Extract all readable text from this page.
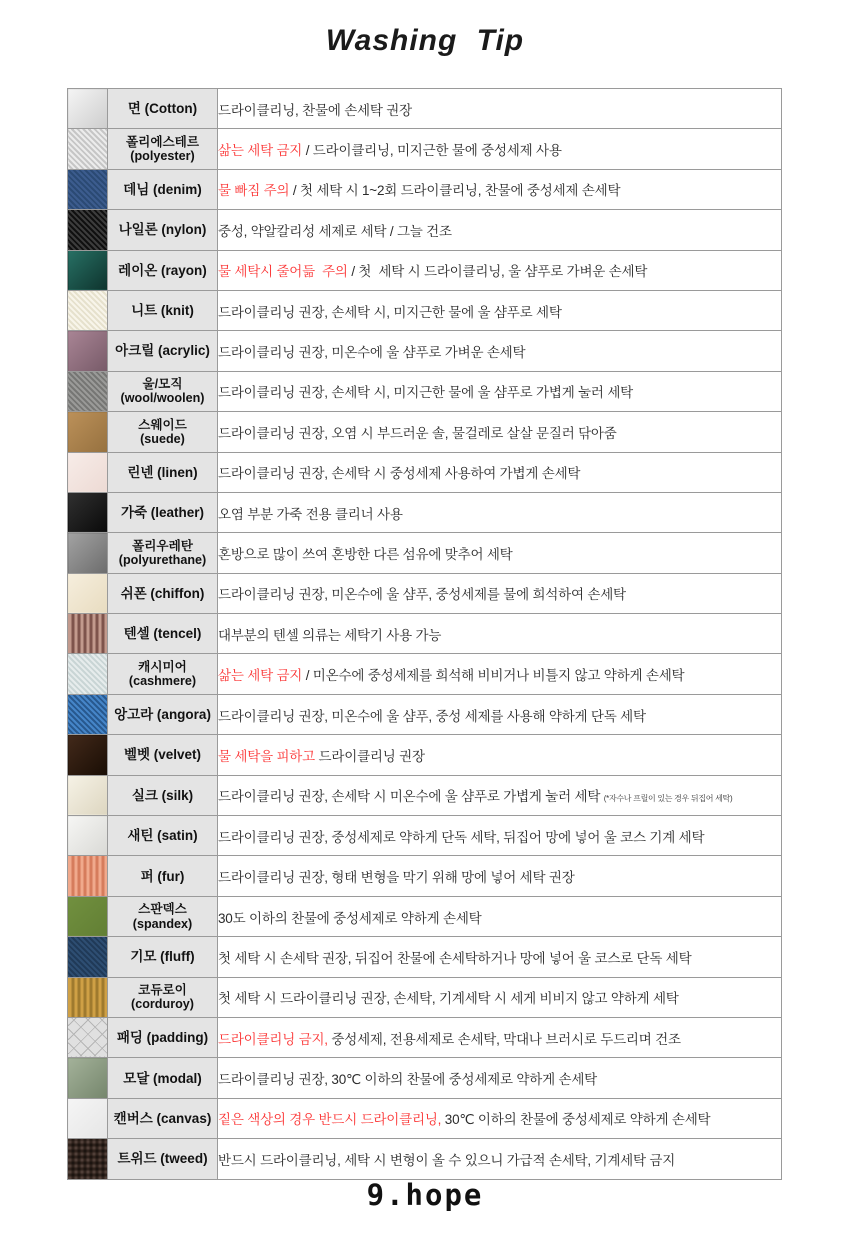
Washing Tip
	면 (Cotton)	드라이클리닝, 찬물에 손세탁 권장
	폴리에스테르
(polyester)	삶는 세탁 금지 / 드라이클리닝, 미지근한 물에 중성세제 사용
	데님 (denim)	물 빠짐 주의 / 첫 세탁 시 1~2회 드라이클리닝, 찬물에 중성세제 손세탁
	나일론 (nylon)	중성, 약알칼리성 세제로 세탁 / 그늘 건조
	레이온 (rayon)	물 세탁시 줄어듦  주의 / 첫  세탁 시 드라이클리닝, 울 샴푸로 가벼운 손세탁
	니트 (knit)	드라이클리닝 권장, 손세탁 시, 미지근한 물에 울 샴푸로 세탁
	아크릴 (acrylic)	드라이클리닝 권장, 미온수에 울 샴푸로 가벼운 손세탁
	울/모직
(wool/woolen)	드라이클리닝 권장, 손세탁 시, 미지근한 물에 울 샴푸로 가볍게 눌러 세탁
	스웨이드
(suede)	드라이클리닝 권장, 오염 시 부드러운 솔, 물걸레로 살살 문질러 닦아줌
	린넨 (linen)	드라이클리닝 권장, 손세탁 시 중성세제 사용하여 가볍게 손세탁
	가죽 (leather)	오염 부분 가죽 전용 클리너 사용
	폴리우레탄
(polyurethane)	혼방으로 많이 쓰여 혼방한 다른 섬유에 맞추어 세탁
	쉬폰 (chiffon)	드라이클리닝 권장, 미온수에 울 샴푸, 중성세제를 물에 희석하여 손세탁
	텐셀 (tencel)	대부분의 텐셀 의류는 세탁기 사용 가능
	캐시미어
(cashmere)	삶는 세탁 금지 / 미온수에 중성세제를 희석해 비비거나 비틀지 않고 약하게 손세탁
	앙고라 (angora)	드라이클리닝 권장, 미온수에 울 샴푸, 중성 세제를 사용해 약하게 단독 세탁
	벨벳 (velvet)	물 세탁을 피하고 드라이클리닝 권장
	실크 (silk)	드라이클리닝 권장, 손세탁 시 미온수에 울 샴푸로 가볍게 눌러 세탁 (*자수나 프릴이 있는 경우 뒤집어 세탁)
	새틴 (satin)	드라이클리닝 권장, 중성세제로 약하게 단독 세탁, 뒤집어 망에 넣어 울 코스 기계 세탁
	퍼 (fur)	드라이클리닝 권장, 형태 변형을 막기 위해 망에 넣어 세탁 권장
	스판덱스
(spandex)	30도 이하의 찬물에 중성세제로 약하게 손세탁
	기모 (fluff)	첫 세탁 시 손세탁 권장, 뒤집어 찬물에 손세탁하거나 망에 넣어 울 코스로 단독 세탁
	코듀로이
(corduroy)	첫 세탁 시 드라이클리닝 권장, 손세탁, 기계세탁 시 세게 비비지 않고 약하게 세탁
	패딩 (padding)	드라이클리닝 금지, 중성세제, 전용세제로 손세탁, 막대나 브러시로 두드리며 건조
	모달 (modal)	드라이클리닝 권장, 30℃ 이하의 찬물에 중성세제로 약하게 손세탁
	캔버스 (canvas)	짙은 색상의 경우 반드시 드라이클리닝, 30℃ 이하의 찬물에 중성세제로 약하게 손세탁
	트위드 (tweed)	반드시 드라이클리닝, 세탁 시 변형이 올 수 있으니 가급적 손세탁, 기계세탁 금지
9.hope
